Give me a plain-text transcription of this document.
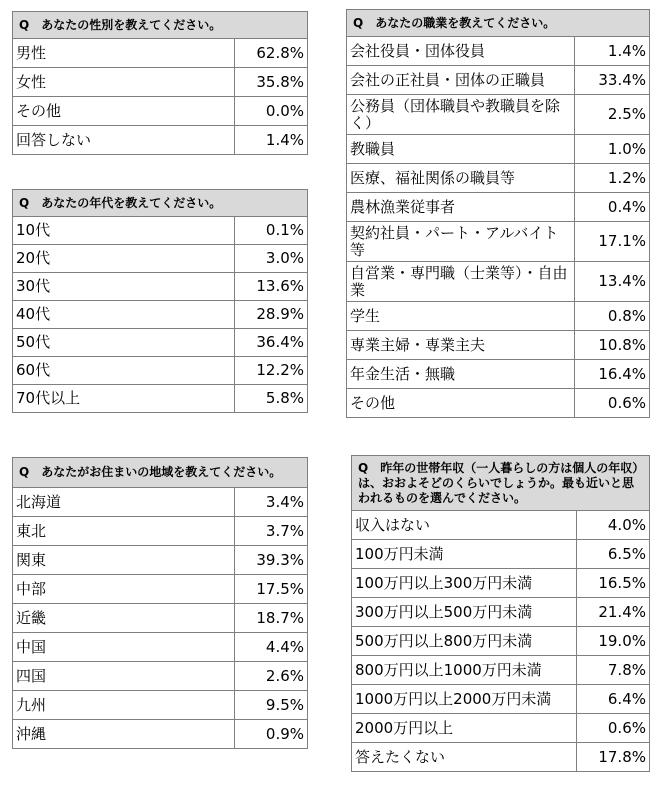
Q　あなたの性別を教えてください。	
男性	62.8%
女性	35.8%
その他	0.0%
回答しない	1.4%
Q　あなたの年代を教えてください。	
10代	0.1%
20代	3.0%
30代	13.6%
40代	28.9%
50代	36.4%
60代	12.2%
70代以上	5.8%
Q　あなたがお住まいの地域を教えてください。	
北海道	3.4%
東北	3.7%
関東	39.3%
中部	17.5%
近畿	18.7%
中国	4.4%
四国	2.6%
九州	9.5%
沖縄	0.9%
Q　あなたの職業を教えてください。	
会社役員・団体役員	1.4%
会社の正社員・団体の正職員	33.4%
公務員（団体職員や教職員を除く）	2.5%
教職員	1.0%
医療、福祉関係の職員等	1.2%
農林漁業従事者	0.4%
契約社員・パート・アルバイト等	17.1%
自営業・専門職（士業等）・自由業	13.4%
学生	0.8%
専業主婦・専業主夫	10.8%
年金生活・無職	16.4%
その他	0.6%
Q　昨年の世帯年収（一人暮らしの方は個人の年収）は、おおよそどのくらいでしょうか。最も近いと思われるものを選んでください。	
収入はない	4.0%
100万円未満	6.5%
100万円以上300万円未満	16.5%
300万円以上500万円未満	21.4%
500万円以上800万円未満	19.0%
800万円以上1000万円未満	7.8%
1000万円以上2000万円未満	6.4%
2000万円以上	0.6%
答えたくない	17.8%
